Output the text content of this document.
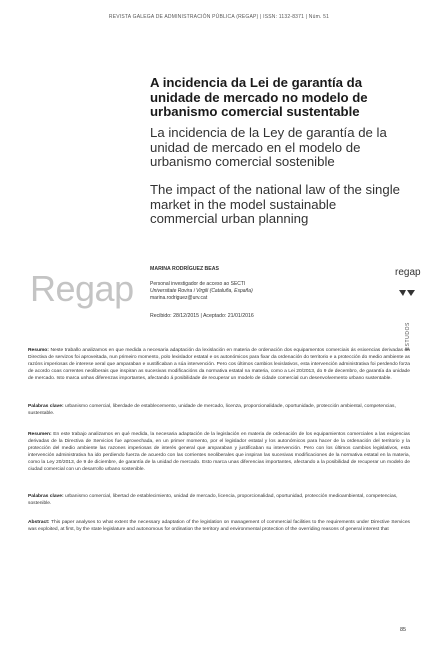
REVISTA GALEGA DE ADMINISTRACIÓN PÚBLICA (REGAP) | ISSN: 1132-8371 | Núm. 51
A incidencia da Lei de garantía da unidade de mercado no modelo de urbanismo comercial sustentable
La incidencia de la Ley de garantía de la unidad de mercado en el modelo de urbanismo comercial sostenible
The impact of the national law of the single market in the model sustainable commercial urban planning
Regap	MARINA RODRÍGUEZ BEAS
Personal investigador de acceso ao SECTI
Universitate Rovira i Virgili (Cataluña, España)
marina.rodriguez@urv.cat
Recibido: 28/12/2015 | Aceptado: 21/01/2016
regap
ESTUDOS
Resumo: Neste traballo analizamos en que medida a necesaria adaptación da lexislación en materia de ordenación dos equipamentos comerciais ás esixencias derivadas da Directiva de servizos foi aproveitada, nun primeiro momento, polo lexislador estatal e os autonómicos para fixar da ordenación do territorio e a protección do medio ambiente as razóns imperiosas de interese xeral que amparaban e xustificaban a súa intervención. Pero cos últimos cambios lexislativos, esta intervención administrativa foi perdendo forza de acordo coas correntes neoliberais que inspiran as sucesivas modificacións da normativa estatal na materia, como a Lei 20/2013, do 9 de decembro, de garantía da unidade de mercado. Isto marca unhas diferenzas importantes, afectando á posibilidade de recuperar un modelo de cidade comercial cun desenvolvemento urbano sustentable.
Palabras clave: urbanismo comercial, liberdade de establecemento, unidade de mercado, licenza, proporcionalidade, oportunidade, protección ambiental, competencias, sustentable.
Resumen: En este trabajo analizamos en qué medida, la necesaria adaptación de la legislación en materia de ordenación de los equipamientos comerciales a las exigencias derivadas de la Directiva de Servicios fue aprovechada, en un primer momento, por el legislador estatal y los autonómicos para hacer de la ordenación del territorio y la protección del medio ambiente las razones imperiosas de interés general que amparaban y justificaban su intervención. Pero con los últimos cambios legislativos, esta intervención administrativa ha ido perdiendo fuerza de acuerdo con las corrientes neoliberales que inspiran las sucesivas modificaciones de la normativa estatal en la materia, como la Ley 20/2013, de 9 de diciembre, de garantía de la unidad de mercado. Esto marca unas diferencias importantes, afectando a la posibilidad de recuperar un modelo de ciudad comercial con un desarrollo urbano sostenible.
Palabras clave: urbanismo comercial, libertad de establecimiento, unidad de mercado, licencia, proporcionalidad, oportunidad, protección medioambiental, competencias, sostenible.
Abstract: This paper analyses to what extent the necessary adaptation of the legislation on management of commercial facilities to the requirements under Directive Services was exploited, at first, by the state legislature and autonomous for ordination the territory and environmental protection of the overriding reasons of general interest that
85
